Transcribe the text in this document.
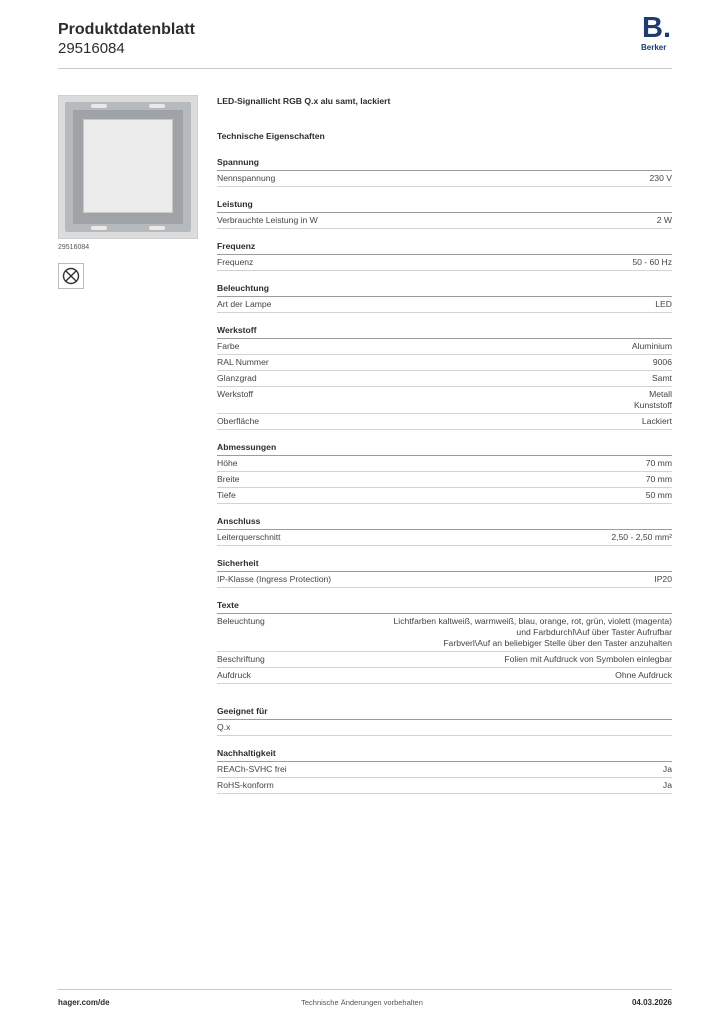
Produktdatenblatt
29516084
B.
Berker
29516084
LED-Signallicht RGB Q.x alu samt, lackiert
Technische Eigenschaften
Spannung
Nennspannung	230 V
Leistung
Verbrauchte Leistung in W	2 W
Frequenz
Frequenz	50 - 60 Hz
Beleuchtung
Art der Lampe	LED
Werkstoff
Farbe	Aluminium
RAL Nummer	9006
Glanzgrad	Samt
Werkstoff	Metall
Kunststoff
Oberfläche	Lackiert
Abmessungen
Höhe	70 mm
Breite	70 mm
Tiefe	50 mm
Anschluss
Leiterquerschnitt	2,50 - 2,50 mm²
Sicherheit
IP-Klasse (Ingress Protection)	IP20
Texte
Beleuchtung	Lichtfarben kaltweiß, warmweiß, blau, orange, rot, grün, violett (magenta)
und Farbdurchl\Auf über Taster Aufrufbar
Farbverl\Auf an beliebiger Stelle über den Taster anzuhalten
Beschriftung	Folien mit Aufdruck von Symbolen einlegbar
Aufdruck	Ohne Aufdruck
Geeignet für
Q.x
Nachhaltigkeit
REACh-SVHC frei	Ja
RoHS-konform	Ja
hager.com/de	Technische Änderungen vorbehalten	04.03.2026
